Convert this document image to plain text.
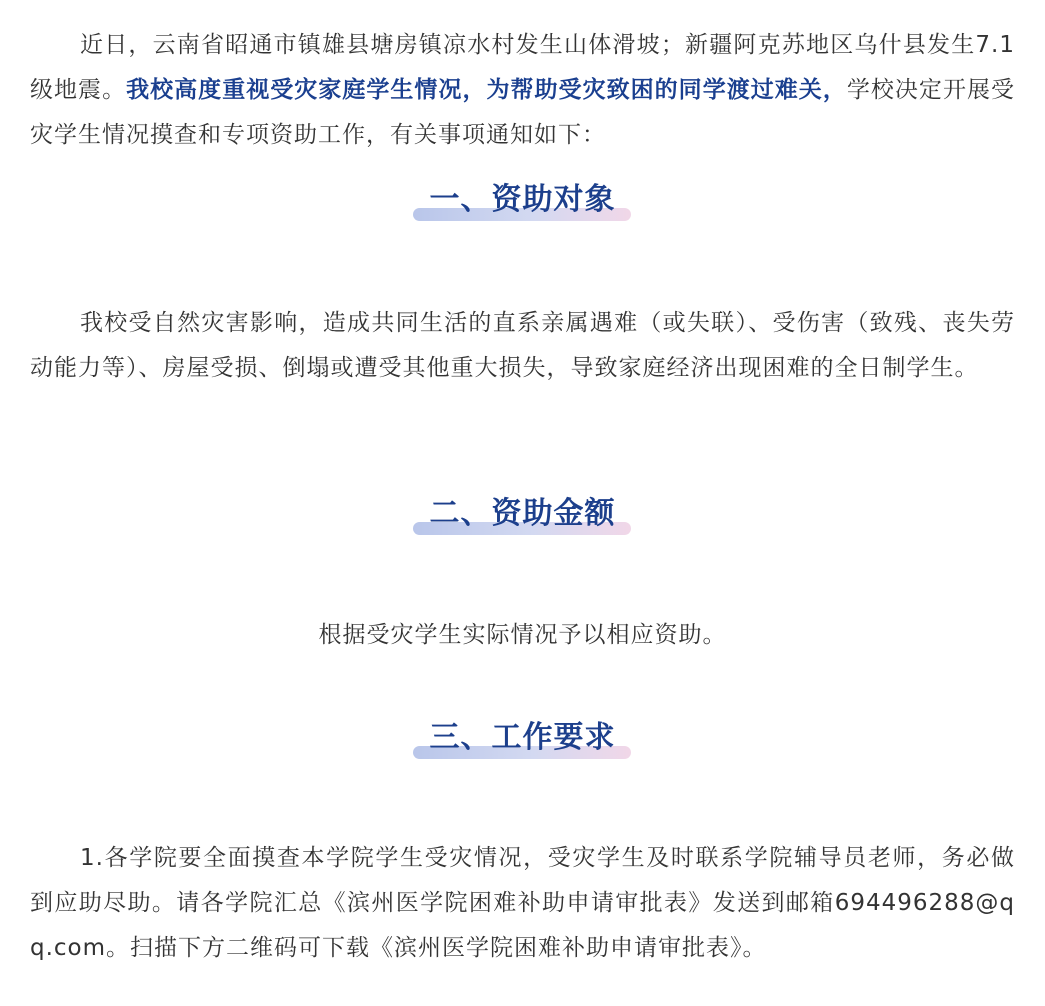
近日，云南省昭通市镇雄县塘房镇凉水村发生山体滑坡；新疆阿克苏地区乌什县发生7.1级地震。我校高度重视受灾家庭学生情况，为帮助受灾致困的同学渡过难关，学校决定开展受灾学生情况摸查和专项资助工作，有关事项通知如下：

一、资助对象

我校受自然灾害影响，造成共同生活的直系亲属遇难（或失联）、受伤害（致残、丧失劳动能力等）、房屋受损、倒塌或遭受其他重大损失，导致家庭经济出现困难的全日制学生。

二、资助金额

根据受灾学生实际情况予以相应资助。

三、工作要求

1.各学院要全面摸查本学院学生受灾情况，受灾学生及时联系学院辅导员老师，务必做到应助尽助。请各学院汇总《滨州医学院困难补助申请审批表》发送到邮箱694496288@qq.com。扫描下方二维码可下载《滨州医学院困难补助申请审批表》。
